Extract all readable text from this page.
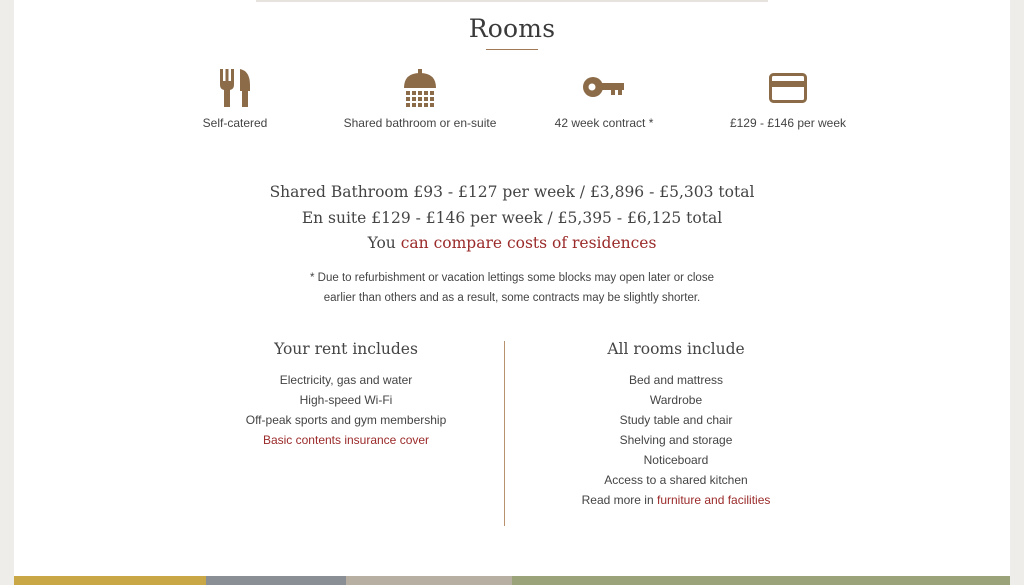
Rooms
Self-catered	Shared bathroom or en-suite	42 week contract *	£129 - £146 per week
Shared Bathroom £93 - £127 per week / £3,896 - £5,303 total
En suite £129 - £146 per week / £5,395 - £6,125 total
You can compare costs of residences
* Due to refurbishment or vacation lettings some blocks may open later or close
earlier than others and as a result, some contracts may be slightly shorter.
Your rent includes
Electricity, gas and water
High-speed Wi-Fi
Off-peak sports and gym membership
Basic contents insurance cover
All rooms include
Bed and mattress
Wardrobe
Study table and chair
Shelving and storage
Noticeboard
Access to a shared kitchen
Read more in furniture and facilities
